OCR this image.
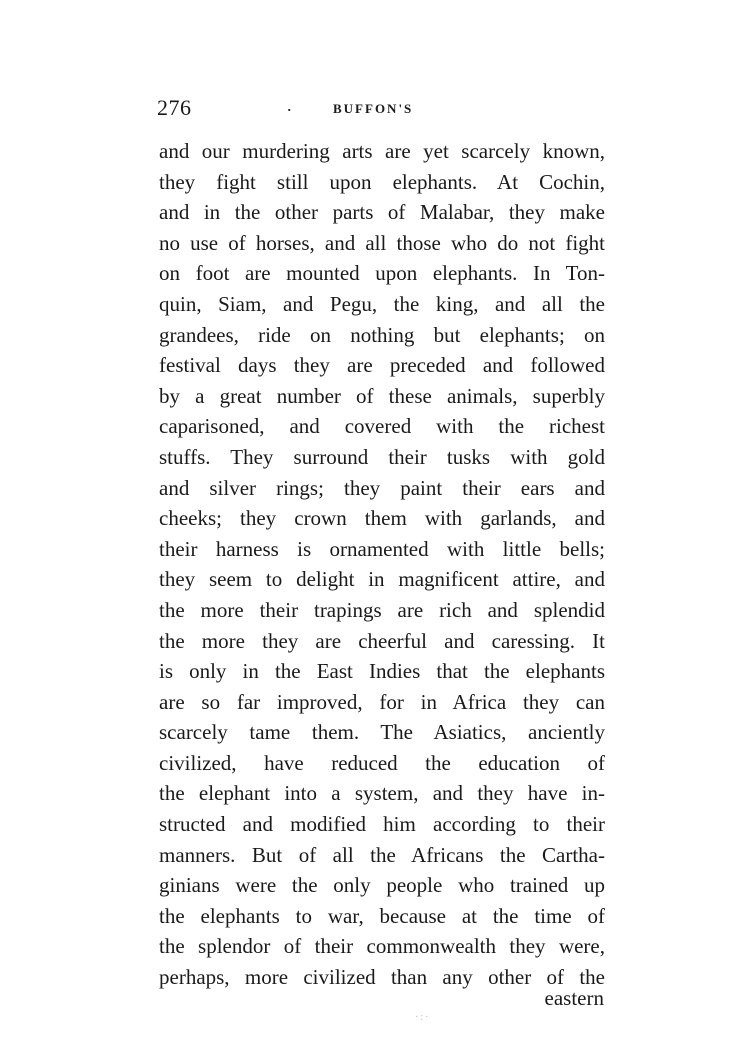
276	.	BUFFON'S
and our murdering arts are yet scarcely known,
they fight still upon elephants. At Cochin,
and in the other parts of Malabar, they make
no use of horses, and all those who do not fight
on foot are mounted upon elephants. In Ton-
quin, Siam, and Pegu, the king, and all the
grandees, ride on nothing but elephants; on
festival days they are preceded and followed
by a great number of these animals, superbly
caparisoned, and covered with the richest
stuffs. They surround their tusks with gold
and silver rings; they paint their ears and
cheeks; they crown them with garlands, and
their harness is ornamented with little bells;
they seem to delight in magnificent attire, and
the more their trapings are rich and splendid
the more they are cheerful and caressing. It
is only in the East Indies that the elephants
are so far improved, for in Africa they can
scarcely tame them. The Asiatics, anciently
civilized, have reduced the education of
the elephant into a system, and they have in-
structed and modified him according to their
manners. But of all the Africans the Cartha-
ginians were the only people who trained up
the elephants to war, because at the time of
the splendor of their commonwealth they were,
perhaps, more civilized than any other of the
eastern
·:·
